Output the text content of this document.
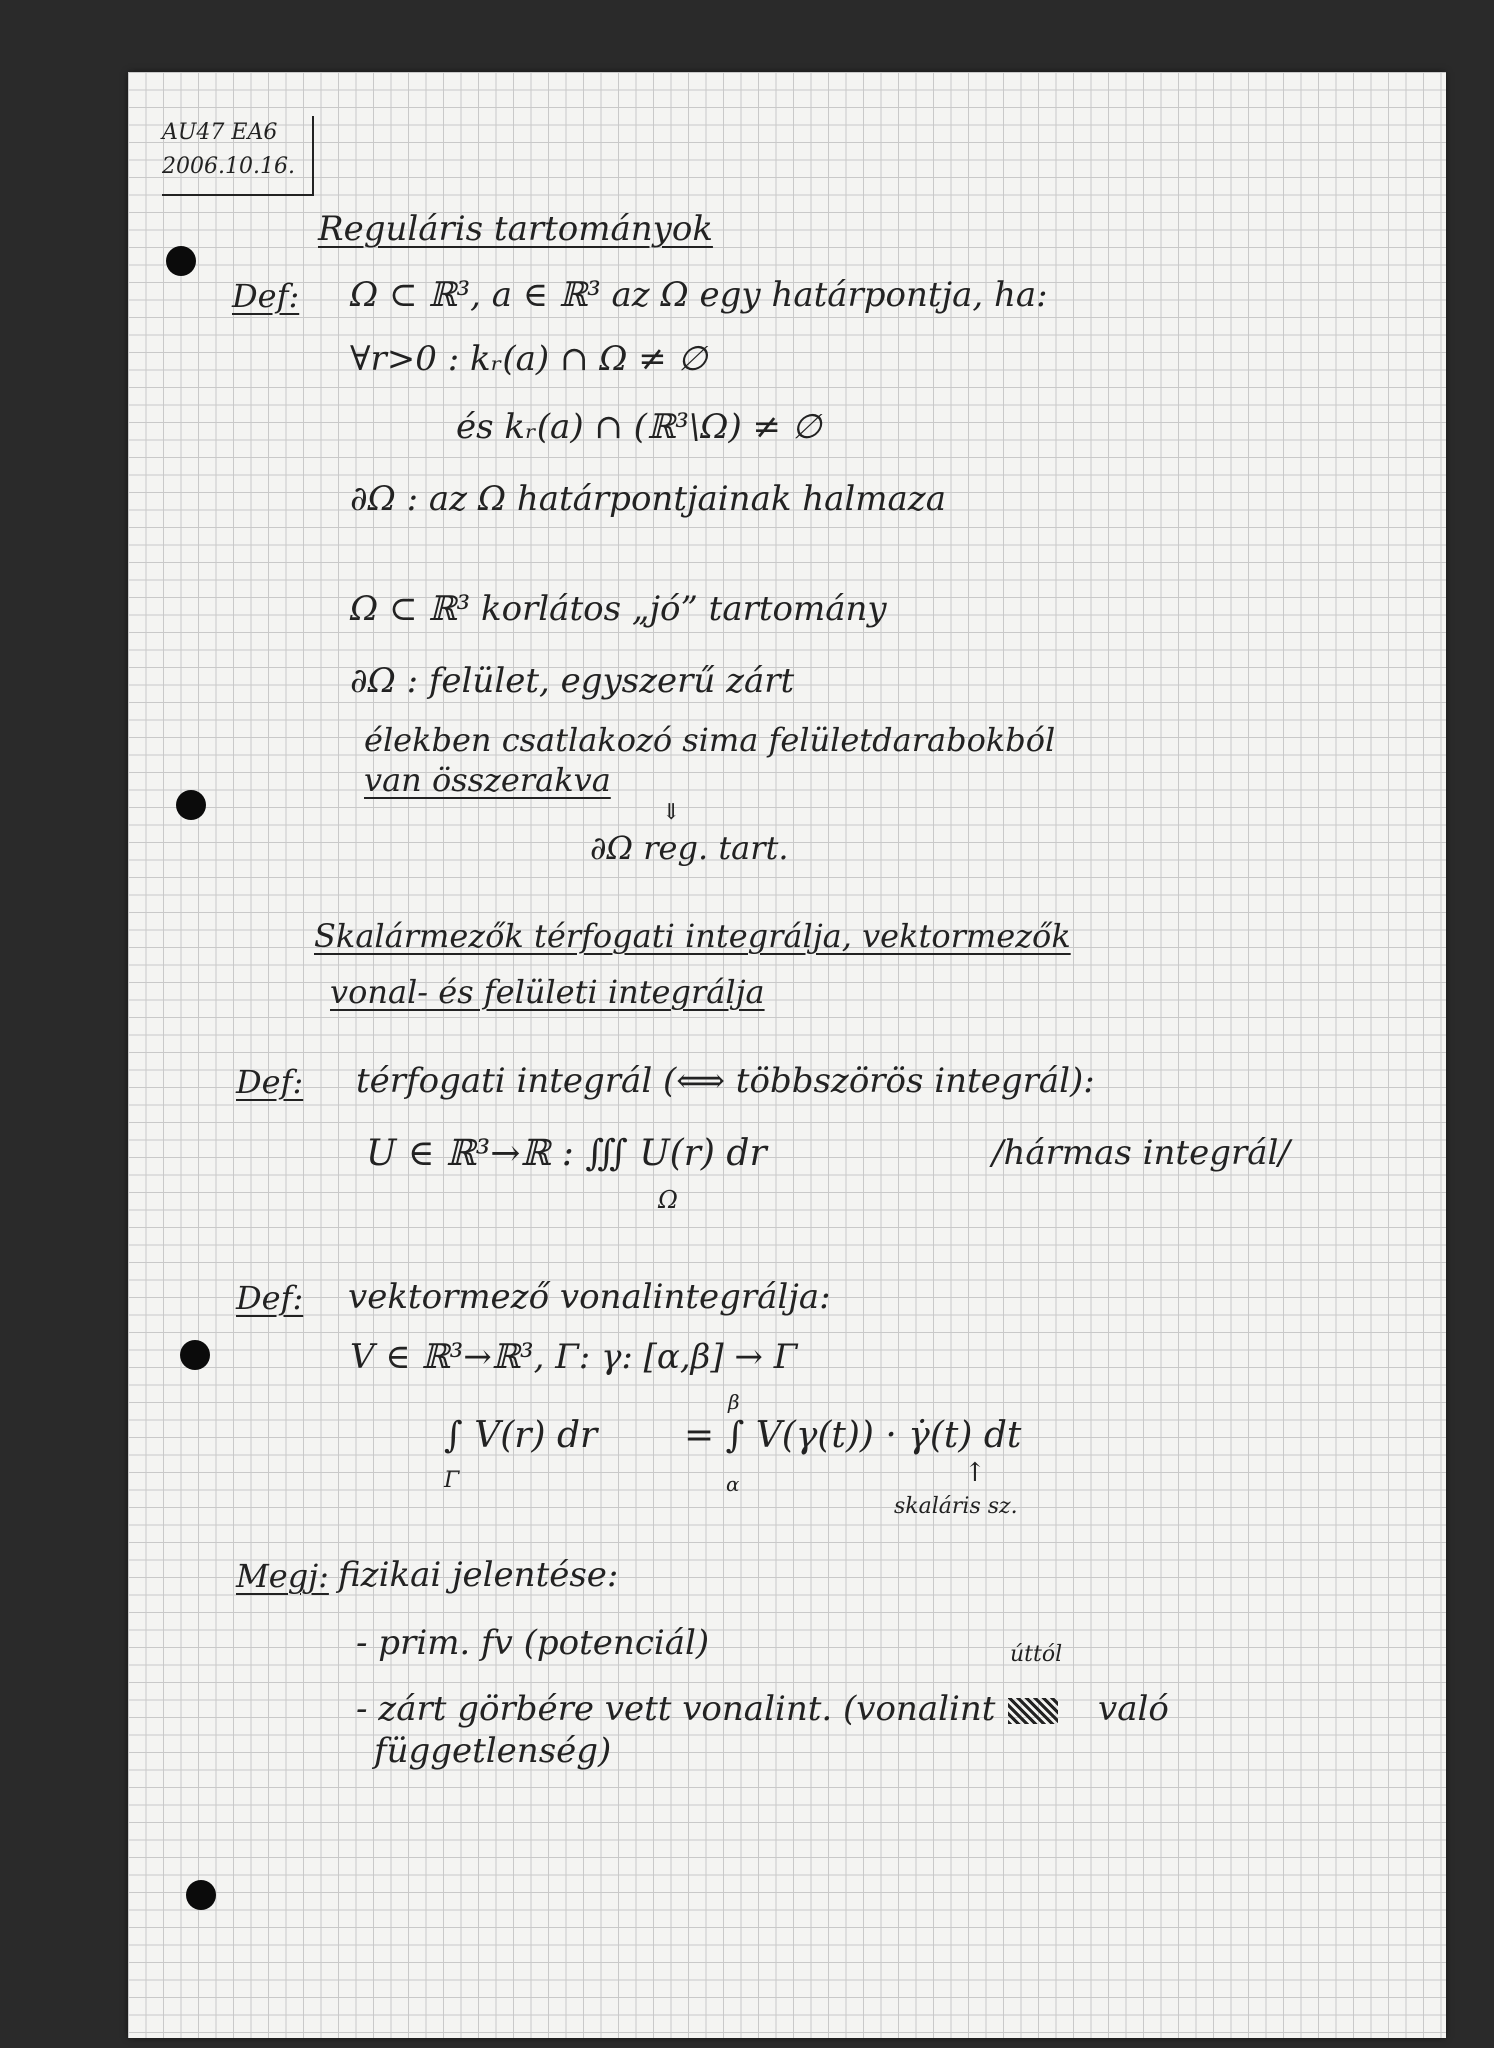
AU47 EA6
2006.10.16.
Reguláris tartományok
Def: Ω ⊂ ℝ³, a ∈ ℝ³ az Ω egy határpontja, ha:
∀r>0 : kᵣ(a) ∩ Ω ≠ ∅
és kᵣ(a) ∩ (ℝ³\Ω) ≠ ∅
∂Ω : az Ω határpontjainak halmaza
Ω ⊂ ℝ³ korlátos „jó” tartomány
∂Ω : felület, egyszerű zárt
élekben csatlakozó sima felületdarabokból
van összerakva
⇓
∂Ω reg. tart.
Skalármezők térfogati integrálja, vektormezők
vonal- és felületi integrálja
Def: térfogati integrál (⟺ többszörös integrál):
U ∈ ℝ³→ℝ : ∭ U(r) dr
Ω
/hármas integrál/
Def: vektormező vonalintegrálja:
V ∈ ℝ³→ℝ³, Γ: γ: [α,β] → Γ
∫ V(r) dr
Γ
= ∫ V(γ(t)) · γ̇(t) dt
β
α	↑
skaláris sz.
Megj: fizikai jelentése:
- prim. fv (potenciál)	úttól
- zárt görbére vett vonalint. (vonalint	való
függetlenség)
